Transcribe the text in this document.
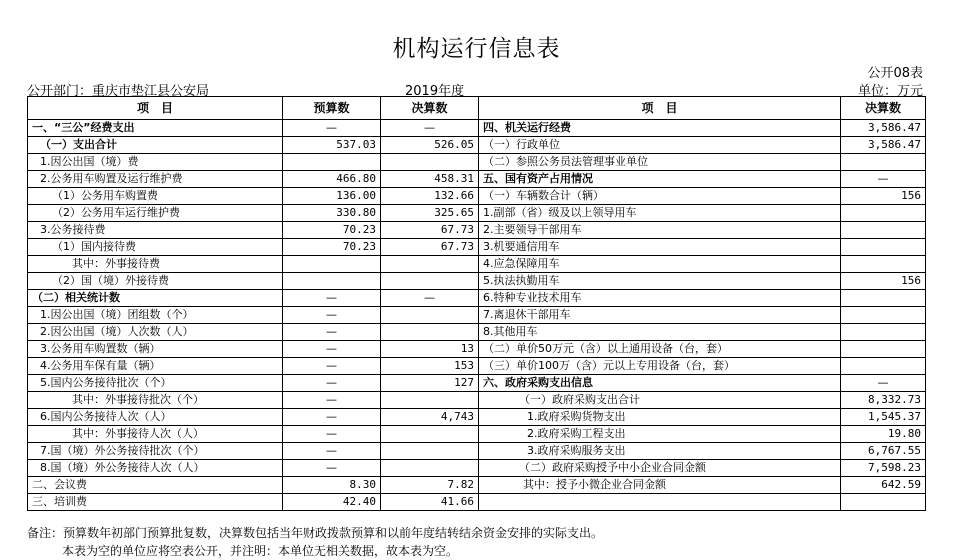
机构运行信息表
公开08表
公开部门：重庆市垫江县公安局	2019年度	单位：万元
项　目	预算数	决算数	项　目	决算数
一、“三公”经费支出	—	—	四、机关运行经费	3,586.47
（一）支出合计	537.03	526.05	（一）行政单位	3,586.47
1.因公出国（境）费			（二）参照公务员法管理事业单位	
2.公务用车购置及运行维护费	466.80	458.31	五、国有资产占用情况	—
（1）公务用车购置费	136.00	132.66	（一）车辆数合计（辆）	156
（2）公务用车运行维护费	330.80	325.65	1.副部（省）级及以上领导用车	
3.公务接待费	70.23	67.73	2.主要领导干部用车	
（1）国内接待费	70.23	67.73	3.机要通信用车	
其中：外事接待费			4.应急保障用车	
（2）国（境）外接待费			5.执法执勤用车	156
（二）相关统计数	—	—	6.特种专业技术用车	
1.因公出国（境）团组数（个）	—		7.离退休干部用车	
2.因公出国（境）人次数（人）	—		8.其他用车	
3.公务用车购置数（辆）	—	13	（二）单价50万元（含）以上通用设备（台，套）	
4.公务用车保有量（辆）	—	153	（三）单价100万（含）元以上专用设备（台，套）	
5.国内公务接待批次（个）	—	127	六、政府采购支出信息	—
其中：外事接待批次（个）	—		（一）政府采购支出合计	8,332.73
6.国内公务接待人次（人）	—	4,743	1.政府采购货物支出	1,545.37
其中：外事接待人次（人）	—		2.政府采购工程支出	19.80
7.国（境）外公务接待批次（个）	—		3.政府采购服务支出	6,767.55
8.国（境）外公务接待人次（人）	—		（二）政府采购授予中小企业合同金额	7,598.23
二、会议费	8.30	7.82	其中：授予小微企业合同金额	642.59
三、培训费	42.40	41.66		
备注：预算数年初部门预算批复数，决算数包括当年财政拨款预算和以前年度结转结余资金安排的实际支出。
本表为空的单位应将空表公开，并注明：本单位无相关数据，故本表为空。
